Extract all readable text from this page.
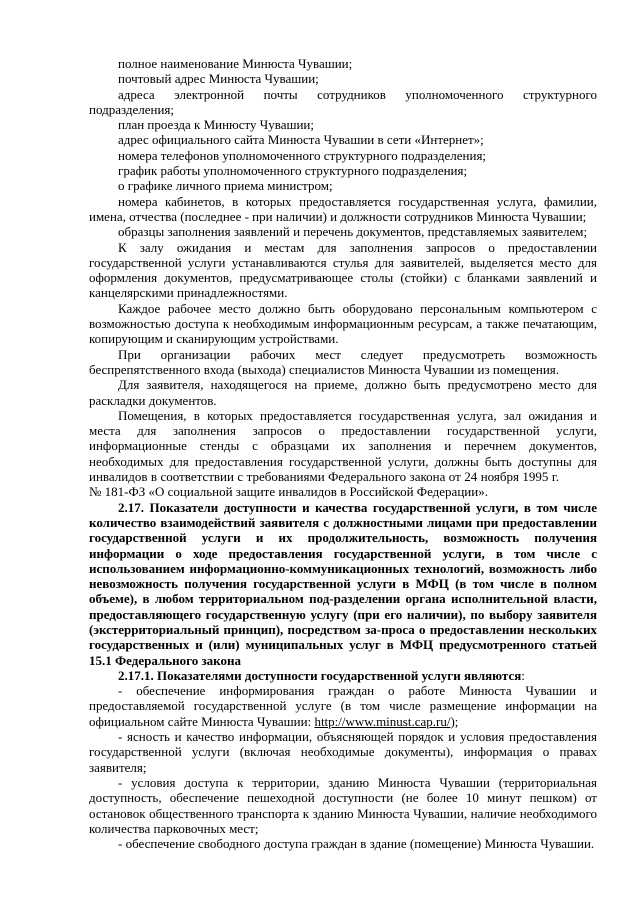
полное наименование Минюста Чувашии;

почтовый адрес Минюста Чувашии;

адреса электронной почты сотрудников уполномоченного структурного подразделения;

план проезда к Минюсту Чувашии;

адрес официального сайта Минюста Чувашии в сети «Интернет»;

номера телефонов уполномоченного структурного подразделения;

график работы уполномоченного структурного подразделения;

о графике личного приема министром;

номера кабинетов, в которых предоставляется государственная услуга, фамилии, имена, отчества (последнее - при наличии) и должности сотрудников Минюста Чувашии;

образцы заполнения заявлений и перечень документов, представляемых заявителем;

К залу ожидания и местам для заполнения запросов о предоставлении государственной услуги устанавливаются стулья для заявителей, выделяется место для оформления документов, предусматривающее столы (стойки) с бланками заявлений и канцелярскими принадлежностями.

Каждое рабочее место должно быть оборудовано персональным компьютером с возможностью доступа к необходимым информационным ресурсам, а также печатающим, копирующим и сканирующим устройствами.

При организации рабочих мест следует предусмотреть возможность беспрепятственного входа (выхода) специалистов Минюста Чувашии из помещения.

Для заявителя, находящегося на приеме, должно быть предусмотрено место для раскладки документов.

Помещения, в которых предоставляется государственная услуга, зал ожидания и места для заполнения запросов о предоставлении государственной услуги, информационные стенды с образцами их заполнения и перечнем документов, необходимых для предоставления государственной услуги, должны быть доступны для инвалидов в соответствии с требованиями Федерального закона от 24 ноября 1995 г.№ 181-ФЗ «О социальной защите инвалидов в Российской Федерации».

2.17. Показатели доступности и качества государственной услуги, в том числе количество взаимодействий заявителя с должностными лицами при предоставлении государственной услуги и их продолжительность, возможность получения информации о ходе предоставления государственной услуги, в том числе с использованием информационно-коммуникационных технологий, возможность либо невозможность получения государственной услуги в МФЦ (в том числе в полном объеме), в любом территориальном под-разделении органа исполнительной власти, предоставляющего государственную услугу (при его наличии), по выбору заявителя (экстерриториальный принцип), посредством за-проса о предоставлении нескольких государственных и (или) муниципальных услуг в МФЦ предусмотренного статьей 15.1 Федерального закона

2.17.1. Показателями доступности государственной услуги являются:

- обеспечение информирования граждан о работе Минюста Чувашии и предоставляемой государственной услуге (в том числе размещение информации на официальном сайте Минюста Чувашии: http://www.minust.cap.ru/);

- ясность и качество информации, объясняющей порядок и условия предоставления государственной услуги (включая необходимые документы), информация о правах заявителя;

- условия доступа к территории, зданию Минюста Чувашии (территориальная доступность, обеспечение пешеходной доступности (не более 10 минут пешком) от остановок общественного транспорта к зданию Минюста Чувашии, наличие необходимого количества парковочных мест;

- обеспечение свободного доступа граждан в здание (помещение) Минюста Чувашии.
